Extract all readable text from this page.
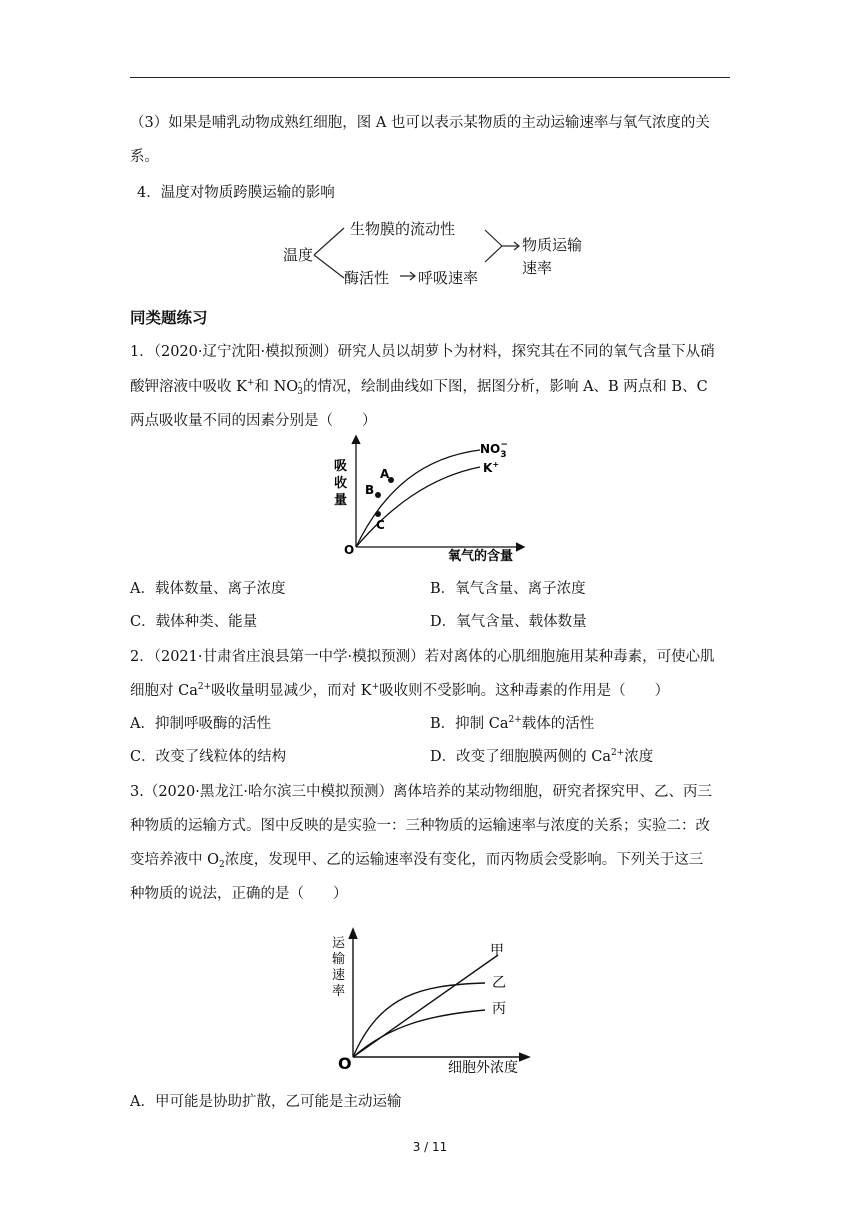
（3）如果是哺乳动物成熟红细胞，图 A 也可以表示某物质的主动运输速率与氧气浓度的关
系。
4．温度对物质跨膜运输的影响
温度
生物膜的流动性
酶活性 呼吸速率
物质运输
速率
同类题练习
1．（2020·辽宁沈阳·模拟预测）研究人员以胡萝卜为材料，探究其在不同的氧气含量下从硝
酸钾溶液中吸收 K+和 $NO^-_3$的情况，绘制曲线如下图，据图分析，影响 A、B 两点和 B、C
两点吸收量不同的因素分别是（　　）
吸
收
量
O	氧气的含量
A
B
C
$NO_3-$
K+
A．载体数量、离子浓度	B．氧气含量、离子浓度
C．载体种类、能量	D．氧气含量、载体数量
2．（2021·甘肃省庄浪县第一中学·模拟预测）若对离体的心肌细胞施用某种毒素，可使心肌
细胞对 $Ca^{2+}$吸收量明显减少，而对 K+吸收则不受影响。这种毒素的作用是（　　）
A．抑制呼吸酶的活性	B．抑制 $Ca^{2+}$载体的活性
C．改变了线粒体的结构	D．改变了细胞膜两侧的 $Ca^{2+}$浓度
3.（2020·黑龙江·哈尔滨三中模拟预测）离体培养的某动物细胞，研究者探究甲、乙、丙三
种物质的运输方式。图中反映的是实验一：三种物质的运输速率与浓度的关系；实验二：改
变培养液中 $O_2$浓度，发现甲、乙的运输速率没有变化，而丙物质会受影响。下列关于这三
种物质的说法，正确的是（　　）
运
输
速
率
O	细胞外浓度
甲
乙
丙
A．甲可能是协助扩散，乙可能是主动运输
3 / 11
